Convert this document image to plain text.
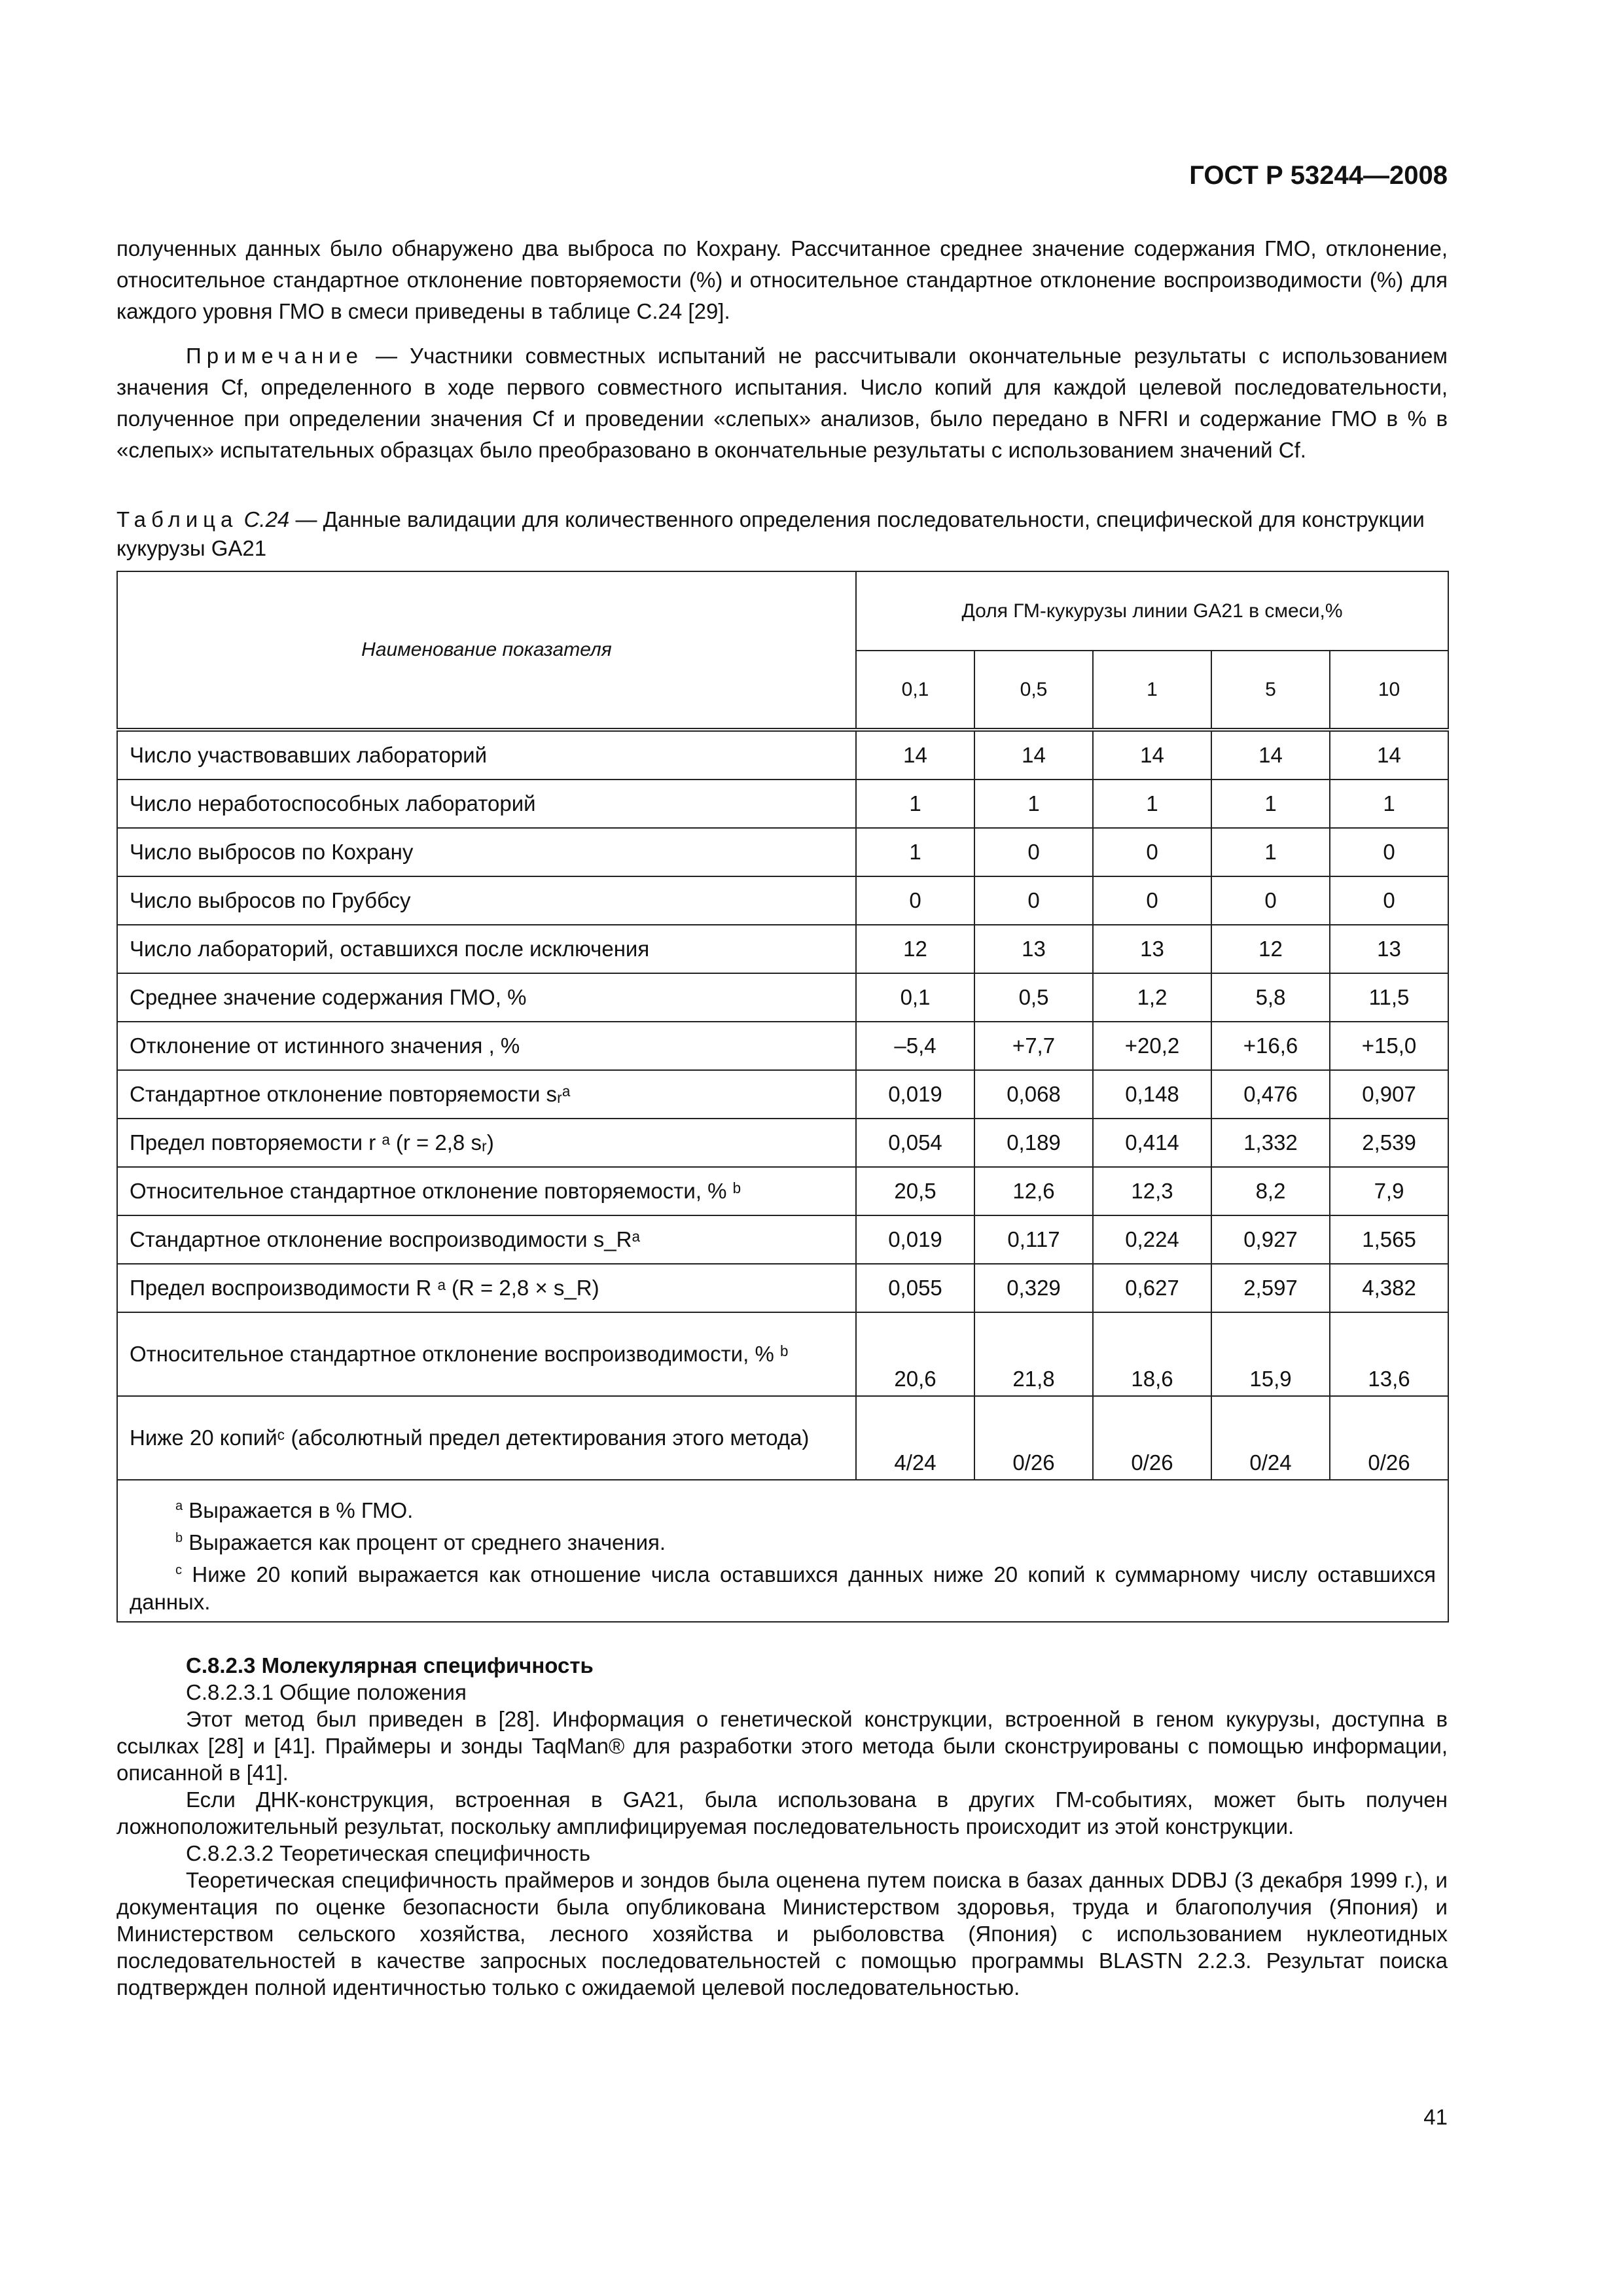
ГОСТ Р 53244—2008

полученных данных было обнаружено два выброса по Кохрану. Рассчитанное среднее значение содержания ГМО, отклонение, относительное стандартное отклонение повторяемости (%) и относительное стандартное отклонение воспроизводимости (%) для каждого уровня ГМО в смеси приведены в таблице С.24 [29].

Примечание — Участники совместных испытаний не рассчитывали окончательные результаты с использованием значения Cf, определенного в ходе первого совместного испытания. Число копий для каждой целевой последовательности, полученное при определении значения Cf и проведении «слепых» анализов, было передано в NFRI и содержание ГМО в % в «слепых» испытательных образцах было преобразовано в окончательные результаты с использованием значений Cf.

Таблица С.24 — Данные валидации для количественного определения последовательности, специфической для конструкции кукурузы GA21
Наименование показателя	Доля ГМ-кукурузы линии GA21 в смеси,%				
	0,1	0,5	1	5	10
Число участвовавших лабораторий	14	14	14	14	14
Число неработоспособных лабораторий	1	1	1	1	1
Число выбросов по Кохрану	1	0	0	1	0
Число выбросов по Груббсу	0	0	0	0	0
Число лабораторий, оставшихся после исключения	12	13	13	12	13
Среднее значение содержания ГМО, %	0,1	0,5	1,2	5,8	11,5
Отклонение от истинного значения , %	–5,4	+7,7	+20,2	+16,6	+15,0
Стандартное отклонение повторяемости sᵣᵃ	0,019	0,068	0,148	0,476	0,907
Предел повторяемости r ᵃ (r = 2,8 sᵣ)	0,054	0,189	0,414	1,332	2,539
Относительное стандартное отклонение повторяемости, % ᵇ	20,5	12,6	12,3	8,2	7,9
Стандартное отклонение воспроизводимости s_Rᵃ	0,019	0,117	0,224	0,927	1,565
Предел воспроизводимости R ᵃ (R = 2,8 × s_R)	0,055	0,329	0,627	2,597	4,382
Относительное стандартное отклонение воспроизводимости, % ᵇ	20,6	21,8	18,6	15,9	13,6
Ниже 20 копийᶜ (абсолютный предел детектирования этого метода)	4/24	0/26	0/26	0/24	0/26

$^a$ Выражается в % ГМО.
$^b$ Выражается как процент от среднего значения.
$^c$ Ниже 20 копий выражается как отношение числа оставшихся данных ниже 20 копий к суммарному числу оставшихся данных.					

С.8.2.3 Молекулярная специфичность

С.8.2.3.1 Общие положения

Этот метод был приведен в [28]. Информация о генетической конструкции, встроенной в геном кукурузы, доступна в ссылках [28] и [41]. Праймеры и зонды TaqMan® для разработки этого метода были сконструированы с помощью информации, описанной в [41].

Если ДНК-конструкция, встроенная в GA21, была использована в других ГМ-событиях, может быть получен ложноположительный результат, поскольку амплифицируемая последовательность происходит из этой конструкции.

С.8.2.3.2 Теоретическая специфичность

Теоретическая специфичность праймеров и зондов была оценена путем поиска в базах данных DDBJ (3 декабря 1999 г.), и документация по оценке безопасности была опубликована Министерством здоровья, труда и благополучия (Япония) и Министерством сельского хозяйства, лесного хозяйства и рыболовства (Япония) с использованием нуклеотидных последовательностей в качестве запросных последовательностей с помощью программы BLASTN 2.2.3. Результат поиска подтвержден полной идентичностью только с ожидаемой целевой последовательностью.

41
